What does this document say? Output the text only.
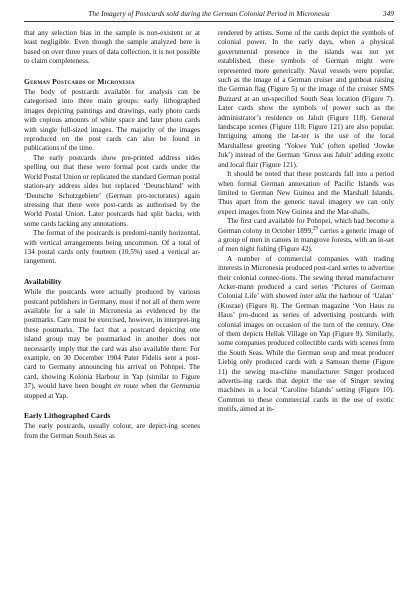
The Imagery of Postcards sold during the German Colonial Period in Micronesia	349

that any selection bias in the sample is non-existent or at least negligible. Even though the sample analyzed here is based on over three years of data collection, it is not possible to claim completeness.

German Postcards of Micronesia

The body of postcards available for analysis can be categorised into three main groups: early lithographed images depicting paintings and drawings, early photo cards with copious amounts of white space and later photo cards with single full-sized images. The majority of the images reproduced on the post cards can also be found in publications of the time.

The early postcards show pre-printed address sides spelling out that these were formal post cards under the World Postal Union or replicated the standard German postal station-ary address sides but replaced ‘Deutschland’ with ‘Deutsche Schutzgebiete’ (German pro-tectorates) again stressing that there were post-cards as authorised by the World Postal Union. Later postcards had split backs, with some cards lacking any annotations.

The format of the postcards is predomi-nantly horizontal, with vertical arrangements being uncommon. Of a total of 134 postal cards only fourteen (10.5%) used a vertical ar-rangement.

Availability

While the postcards were actually produced by various postcard publishers in Germany, most if not all of them were available for a sale in Micronesia as evidenced by the postmarks. Care must be exercised, however, in interpret-ing these postmarks. The fact that a postcard depicting one island group may be postmarked in another does not necessarily imply that the card was also available there. For example, on 30 December 1904 Pater Fidelis sent a post-card to Germany announcing his arrival on Pohnpei. The card, showing Kolonia Harbour in Yap (similar to Figure 37), would have been bought en route when the Germania stopped at Yap.

Early Lithographed Cards

The early postcards, usually colour, are depict-ing scenes from the German South Seas as

rendered by artists. Some of the cards depict the symbols of colonial power. In the early days, when a physical governmental presence in the islands was not yet established, these symbols of German might were represented more generically. Naval vessels were popular, such as the image of a German cruiser and gunboat raising the German flag (Figure 5) or the image of the cruiser SMS Buzzard at an un-specified South Seas location (Figure 7). Later cards show the symbols of power such as the administrator’s residence on Jaluit (Figure 118). General landscape scenes (Figure 118; Figure 121) are also popular. Intriguing among the lat-ter is the use of the local Marshallese greeting ‘Yokwe Yuk’ (often spelled ‘Jowke Juk’) instead of the German ‘Gruss aus Jaluit’ adding exotic and local flair (Figure 121).

It should be noted that these postcards fall into a period when formal German annexation of Pacific Islands was limited to German New Guinea and the Marshall Islands. Thus apart from the generic naval imagery we can only expect images from New Guinea and the Mar-shalls.

The first card available for Pohnpei, which had become a German colony in October 1899,29 carries a generic image of a group of men in canoes in mangrove forests, with an in-set of men night fishing (Figure 42).

A number of commercial companies with trading interests in Micronesia produced post-card series to advertise their colonial connec-tions. The sewing thread manufacturer Acker-mann produced a card series ‘Pictures of German Colonial Life’ with showed inter alia the harbour of ‘Ualan’ (Kosrae) (Figure 8). The German magazine ‘Von Haus zu Haus’ pro-duced as series of advertising postcards with colonial images on occasion of the turn of the century. One of them depicts Hellak Village on Yap (Figure 9). Similarly, some companies produced collectible cards with scenes from the South Seas. While the German soup and meat producer Liebig only produced cards with a Samoan theme (Figure 11) the sewing ma-chine manufacturer Singer produced advertis-ing cards that depict the use of Singer sewing machines in a local ‘Caroline Islands’ setting (Figure 10). Common to these commercial cards in the use of exotic motifs, aimed at in-
